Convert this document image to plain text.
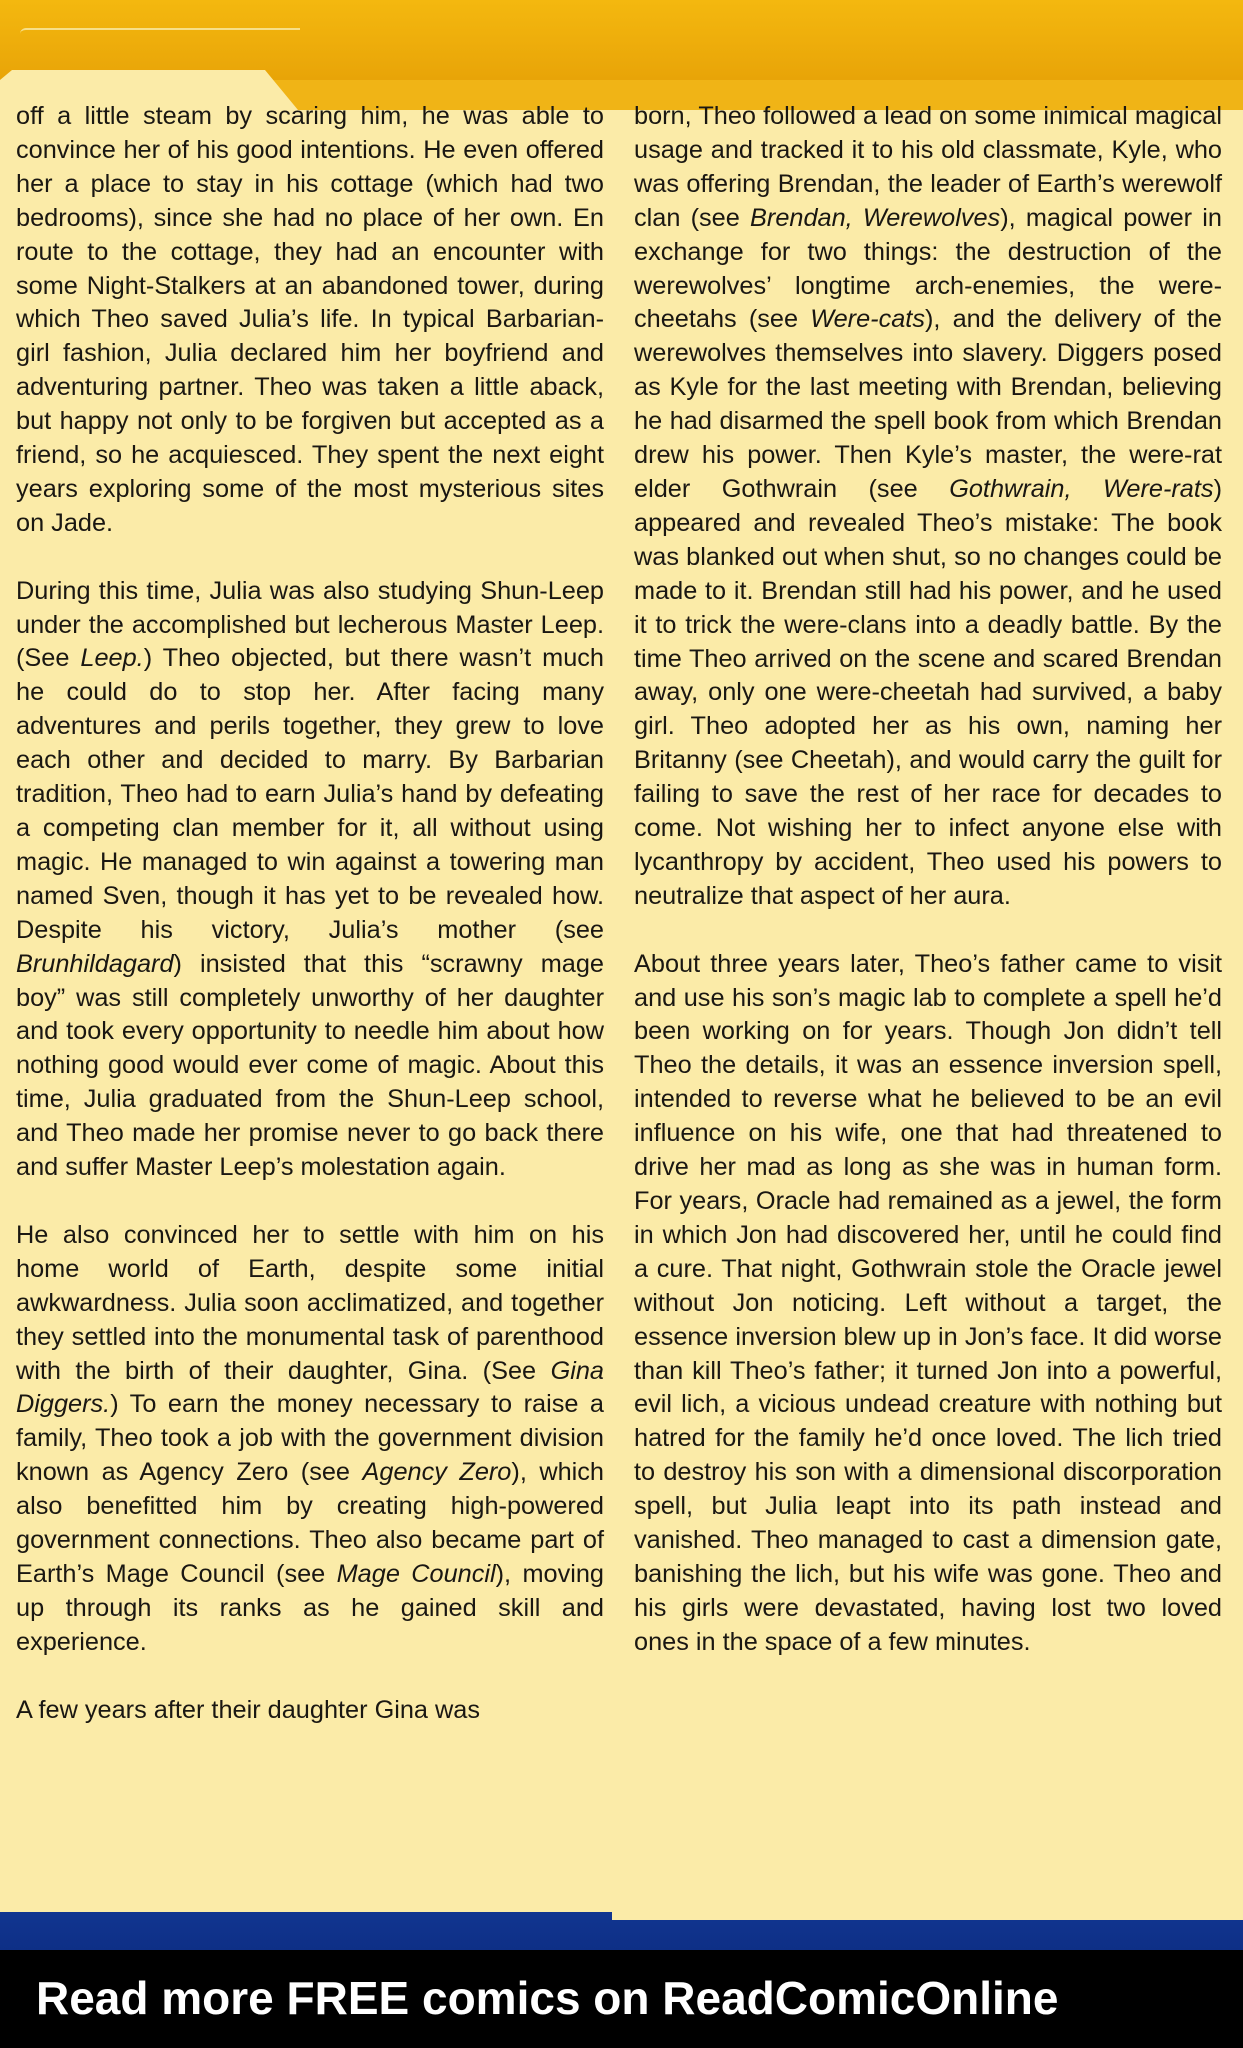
off a little steam by scaring him, he was able to convince her of his good intentions. He even offered her a place to stay in his cottage (which had two bedrooms), since she had no place of her own. En route to the cottage, they had an encounter with some Night-Stalkers at an abandoned tower, during which Theo saved Julia’s life. In typical Barbarian-girl fashion, Julia declared him her boyfriend and adventuring partner. Theo was taken a little aback, but happy not only to be forgiven but accepted as a friend, so he acquiesced. They spent the next eight years exploring some of the most mysterious sites on Jade.

During this time, Julia was also studying Shun-Leep under the accomplished but lecherous Master Leep. (See Leep.) Theo objected, but there wasn’t much he could do to stop her. After facing many adventures and perils together, they grew to love each other and decided to marry. By Barbarian tradition, Theo had to earn Julia’s hand by defeating a competing clan member for it, all without using magic. He managed to win against a towering man named Sven, though it has yet to be revealed how. Despite his victory, Julia’s mother (see Brunhildagard) insisted that this “scrawny mage boy” was still completely unworthy of her daughter and took every opportunity to needle him about how nothing good would ever come of magic. About this time, Julia graduated from the Shun-Leep school, and Theo made her promise never to go back there and suffer Master Leep’s molestation again.

He also convinced her to settle with him on his home world of Earth, despite some initial awkwardness. Julia soon acclimatized, and together they settled into the monumental task of parenthood with the birth of their daughter, Gina. (See Gina Diggers.) To earn the money necessary to raise a family, Theo took a job with the government division known as Agency Zero (see Agency Zero), which also benefitted him by creating high-powered government connections. Theo also became part of Earth’s Mage Council (see Mage Council), moving up through its ranks as he gained skill and experience.

A few years after their daughter Gina was

born, Theo followed a lead on some inimical magical usage and tracked it to his old classmate, Kyle, who was offering Brendan, the leader of Earth’s werewolf clan (see Brendan, Werewolves), magical power in exchange for two things: the destruction of the werewolves’ longtime arch-enemies, the were-cheetahs (see Were-cats), and the delivery of the werewolves themselves into slavery. Diggers posed as Kyle for the last meeting with Brendan, believing he had disarmed the spell book from which Brendan drew his power. Then Kyle’s master, the were-rat elder Gothwrain (see Gothwrain, Were-rats) appeared and revealed Theo’s mistake: The book was blanked out when shut, so no changes could be made to it. Brendan still had his power, and he used it to trick the were-clans into a deadly battle. By the time Theo arrived on the scene and scared Brendan away, only one were-cheetah had survived, a baby girl. Theo adopted her as his own, naming her Britanny (see Cheetah), and would carry the guilt for failing to save the rest of her race for decades to come. Not wishing her to infect anyone else with lycanthropy by accident, Theo used his powers to neutralize that aspect of her aura.

About three years later, Theo’s father came to visit and use his son’s magic lab to complete a spell he’d been working on for years. Though Jon didn’t tell Theo the details, it was an essence inversion spell, intended to reverse what he believed to be an evil influence on his wife, one that had threatened to drive her mad as long as she was in human form. For years, Oracle had remained as a jewel, the form in which Jon had discovered her, until he could find a cure. That night, Gothwrain stole the Oracle jewel without Jon noticing. Left without a target, the essence inversion blew up in Jon’s face. It did worse than kill Theo’s father; it turned Jon into a powerful, evil lich, a vicious undead creature with nothing but hatred for the family he’d once loved. The lich tried to destroy his son with a dimensional discorporation spell, but Julia leapt into its path instead and vanished. Theo managed to cast a dimension gate, banishing the lich, but his wife was gone. Theo and his girls were devastated, having lost two loved ones in the space of a few minutes.

Read more FREE comics on ReadComicOnline
